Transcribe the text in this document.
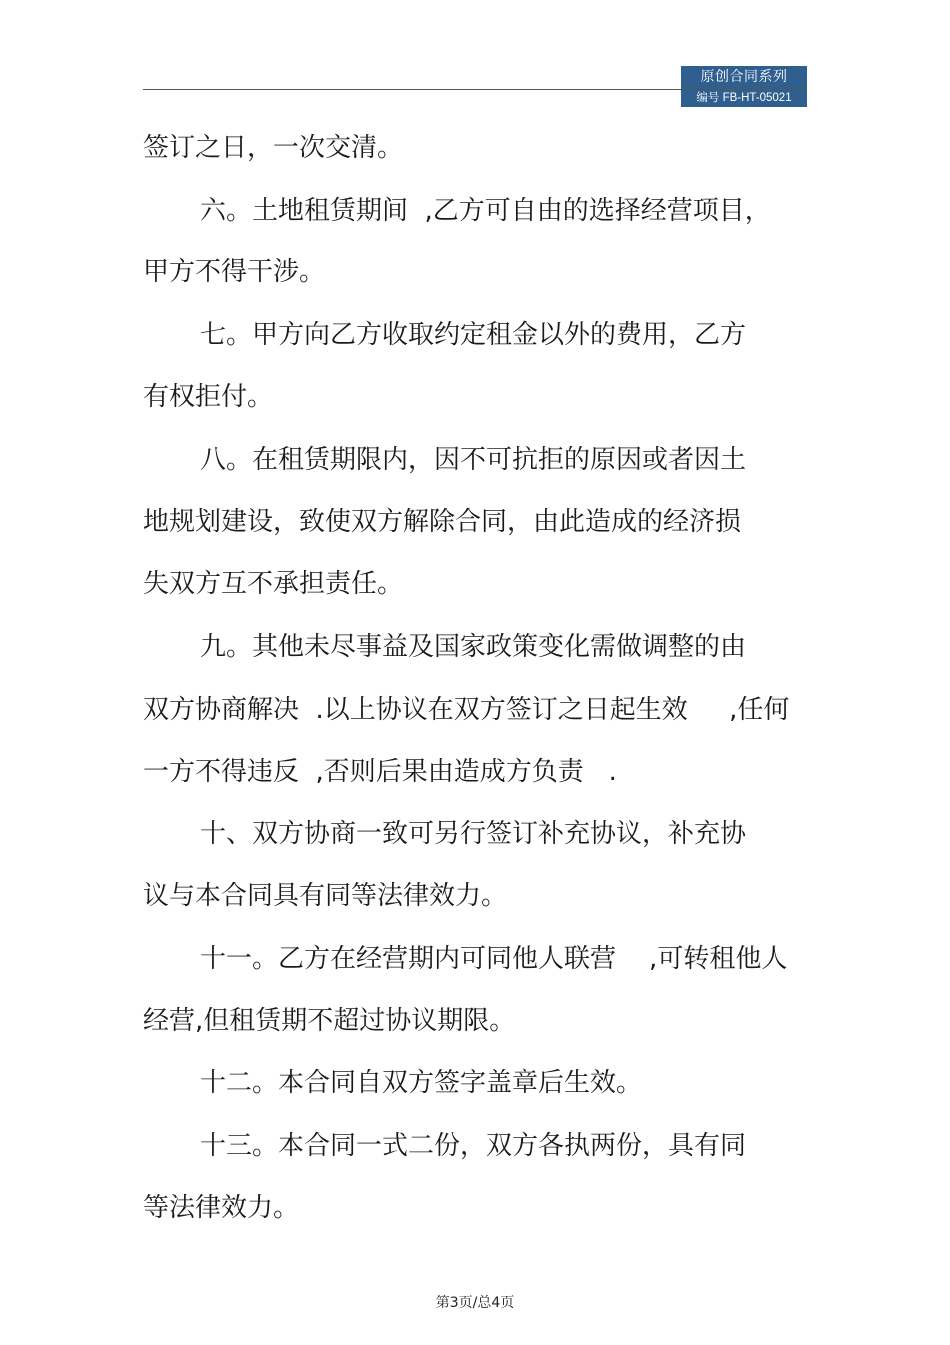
原创合同系列
编号 FB-HT-05021
签订之日，一次交清。
六。土地租赁期间  ,乙方可自由的选择经营项目，
甲方不得干涉。
七。甲方向乙方收取约定租金以外的费用，乙方
有权拒付。
八。在租赁期限内，因不可抗拒的原因或者因土
地规划建设，致使双方解除合同，由此造成的经济损
失双方互不承担责任。
九。其他未尽事益及国家政策变化需做调整的由
双方协商解决  .以上协议在双方签订之日起生效     ,任何
一方不得违反  ,否则后果由造成方负责   .
十、双方协商一致可另行签订补充协议，补充协
议与本合同具有同等法律效力。
十一。乙方在经营期内可同他人联营    ,可转租他人
经营,但租赁期不超过协议期限。
十二。本合同自双方签字盖章后生效。
十三。本合同一式二份，双方各执两份，具有同
等法律效力。
第3页/总4页
